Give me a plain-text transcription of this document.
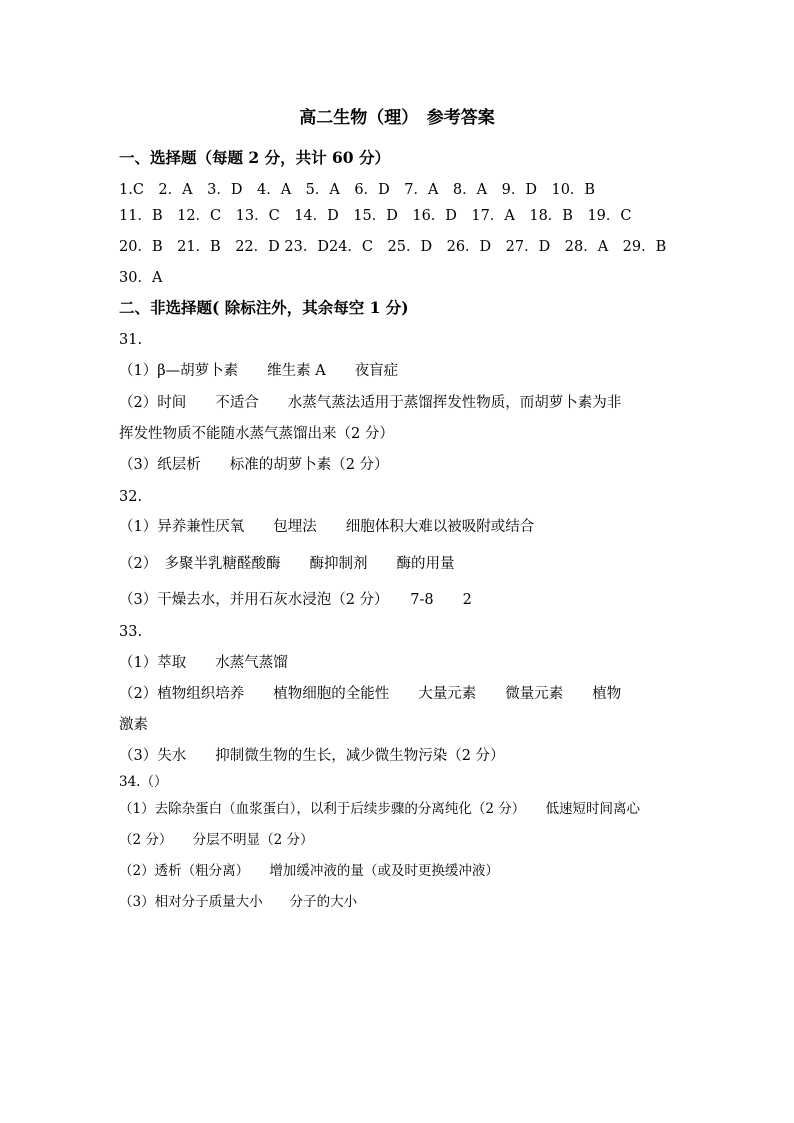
高二生物（理）　参考答案
一、选择题（每题 2 分，共计 60 分）
1.C　2．A　3．D　4．A　5．A　6．D　7．A　8．A　9．D　10．B
11．B　12．C　13．C　14．D　15．D　16．D　17．A　18．B　19．C
20．B　21．B　22．D 23．D24．C　25．D　26．D　27．D　28．A　29．B
30．A
二、非选择题( 除标注外，其余每空 1 分)
31.
（1）β—胡萝卜素　　维生素 A　　夜盲症
（2）时间　　不适合　　水蒸气蒸法适用于蒸馏挥发性物质，而胡萝卜素为非
挥发性物质不能随水蒸气蒸馏出来（2 分）
（3）纸层析　　标准的胡萝卜素（2 分）
32.
（1）异养兼性厌氧　　包埋法　　细胞体积大难以被吸附或结合
（2）　多聚半乳糖醛酸酶　　酶抑制剂　　酶的用量
（3）干燥去水，并用石灰水浸泡（2 分）　　7-8　　2
33.
（1）萃取　　水蒸气蒸馏
（2）植物组织培养　　植物细胞的全能性　　大量元素　　微量元素　　植物
激素
（3）失水　　抑制微生物的生长，减少微生物污染（2 分）
34.（）
（1）去除杂蛋白（血浆蛋白），以利于后续步骤的分离纯化（2 分）　　低速短时间离心
（2 分）　　分层不明显（2 分）
（2）透析（粗分离）　　增加缓冲液的量（或及时更换缓冲液）
（3）相对分子质量大小　　分子的大小
